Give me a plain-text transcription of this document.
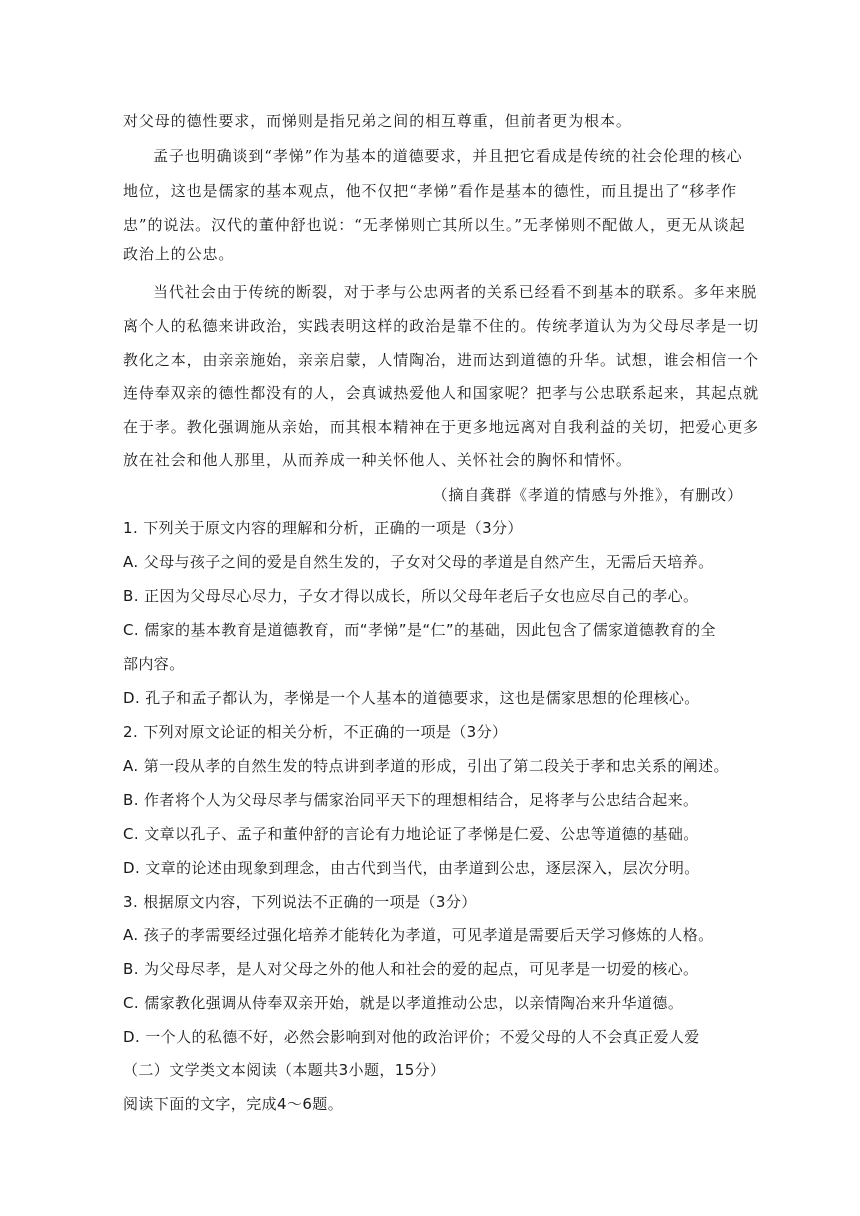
对父母的德性要求，而悌则是指兄弟之间的相互尊重，但前者更为根本。
孟子也明确谈到“孝悌”作为基本的道德要求，并且把它看成是传统的社会伦理的核心
地位，这也是儒家的基本观点，他不仅把“孝悌”看作是基本的德性，而且提出了“移孝作
忠”的说法。汉代的董仲舒也说：“无孝悌则亡其所以生。”无孝悌则不配做人，更无从谈起
政治上的公忠。
当代社会由于传统的断裂，对于孝与公忠两者的关系已经看不到基本的联系。多年来脱
离个人的私德来讲政治，实践表明这样的政治是靠不住的。传统孝道认为为父母尽孝是一切
教化之本，由亲亲施始，亲亲启蒙，人情陶冶，进而达到道德的升华。试想，谁会相信一个
连侍奉双亲的德性都没有的人，会真诚热爱他人和国家呢？把孝与公忠联系起来，其起点就
在于孝。教化强调施从亲始，而其根本精神在于更多地远离对自我利益的关切，把爱心更多
放在社会和他人那里，从而养成一种关怀他人、关怀社会的胸怀和情怀。
（摘自龚群《孝道的情感与外推》，有删改）
1. 下列关于原文内容的理解和分析，正确的一项是（3分）
A. 父母与孩子之间的爱是自然生发的，子女对父母的孝道是自然产生，无需后天培养。
B. 正因为父母尽心尽力，子女才得以成长，所以父母年老后子女也应尽自己的孝心。
C. 儒家的基本教育是道德教育，而“孝悌”是“仁”的基础，因此包含了儒家道德教育的全
部内容。
D. 孔子和孟子都认为，孝悌是一个人基本的道德要求，这也是儒家思想的伦理核心。
2. 下列对原文论证的相关分析，不正确的一项是（3分）
A. 第一段从孝的自然生发的特点讲到孝道的形成，引出了第二段关于孝和忠关系的阐述。
B. 作者将个人为父母尽孝与儒家治同平天下的理想相结合，足将孝与公忠结合起来。
C. 文章以孔子、孟子和董仲舒的言论有力地论证了孝悌是仁爱、公忠等道德的基础。
D. 文章的论述由现象到理念，由古代到当代，由孝道到公忠，逐层深入，层次分明。
3. 根据原文内容，下列说法不正确的一项是（3分）
A. 孩子的孝需要经过强化培养才能转化为孝道，可见孝道是需要后天学习修炼的人格。
B. 为父母尽孝，是人对父母之外的他人和社会的爱的起点，可见孝是一切爱的核心。
C. 儒家教化强调从侍奉双亲开始，就是以孝道推动公忠，以亲情陶冶来升华道德。
D. 一个人的私德不好，必然会影响到对他的政治评价；不爱父母的人不会真正爱人爱
（二）文学类文本阅读（本题共3小题，15分）
阅读下面的文字，完成4～6题。
